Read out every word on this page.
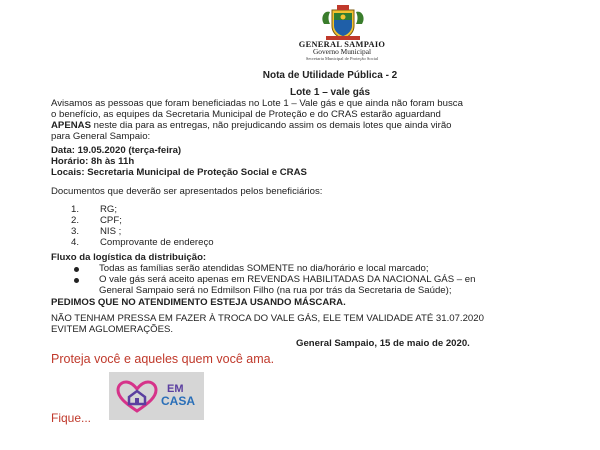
GENERAL SAMPAIO
Governo Municipal
Secretaria Municipal de Proteção Social
Nota de Utilidade Pública - 2
Lote 1 – vale gás
Avisamos as pessoas que foram beneficiadas no Lote 1 – Vale gás e que ainda não foram busca
o benefício, as equipes da Secretaria Municipal de Proteção e do CRAS estarão aguardand
APENAS neste dia para as entregas, não prejudicando assim os demais lotes que ainda virão
para General Sampaio:
Data: 19.05.2020 (terça-feira)
Horário: 8h às 11h
Locais: Secretaria Municipal de Proteção Social e CRAS
Documentos que deverão ser apresentados pelos beneficiários:
1.	RG;
2.	CPF;
3.	NIS ;
4.	Comprovante de endereço
Fluxo da logística da distribuição:
Todas as famílias serão atendidas SOMENTE no dia/horário e local marcado;
O vale gás será aceito apenas em REVENDAS HABILITADAS DA NACIONAL GÁS – en
General Sampaio será no Edmilson Filho (na rua por trás da Secretaria de Saúde);
PEDIMOS QUE NO ATENDIMENTO ESTEJA USANDO MÁSCARA.
NÃO TENHAM PRESSA EM FAZER À TROCA DO VALE GÁS, ELE TEM VALIDADE ATÉ 31.07.2020
EVITEM AGLOMERAÇÕES.
General Sampaio, 15 de maio de 2020.
Proteja você e aqueles quem você ama.
EM
CASA
Fique...
